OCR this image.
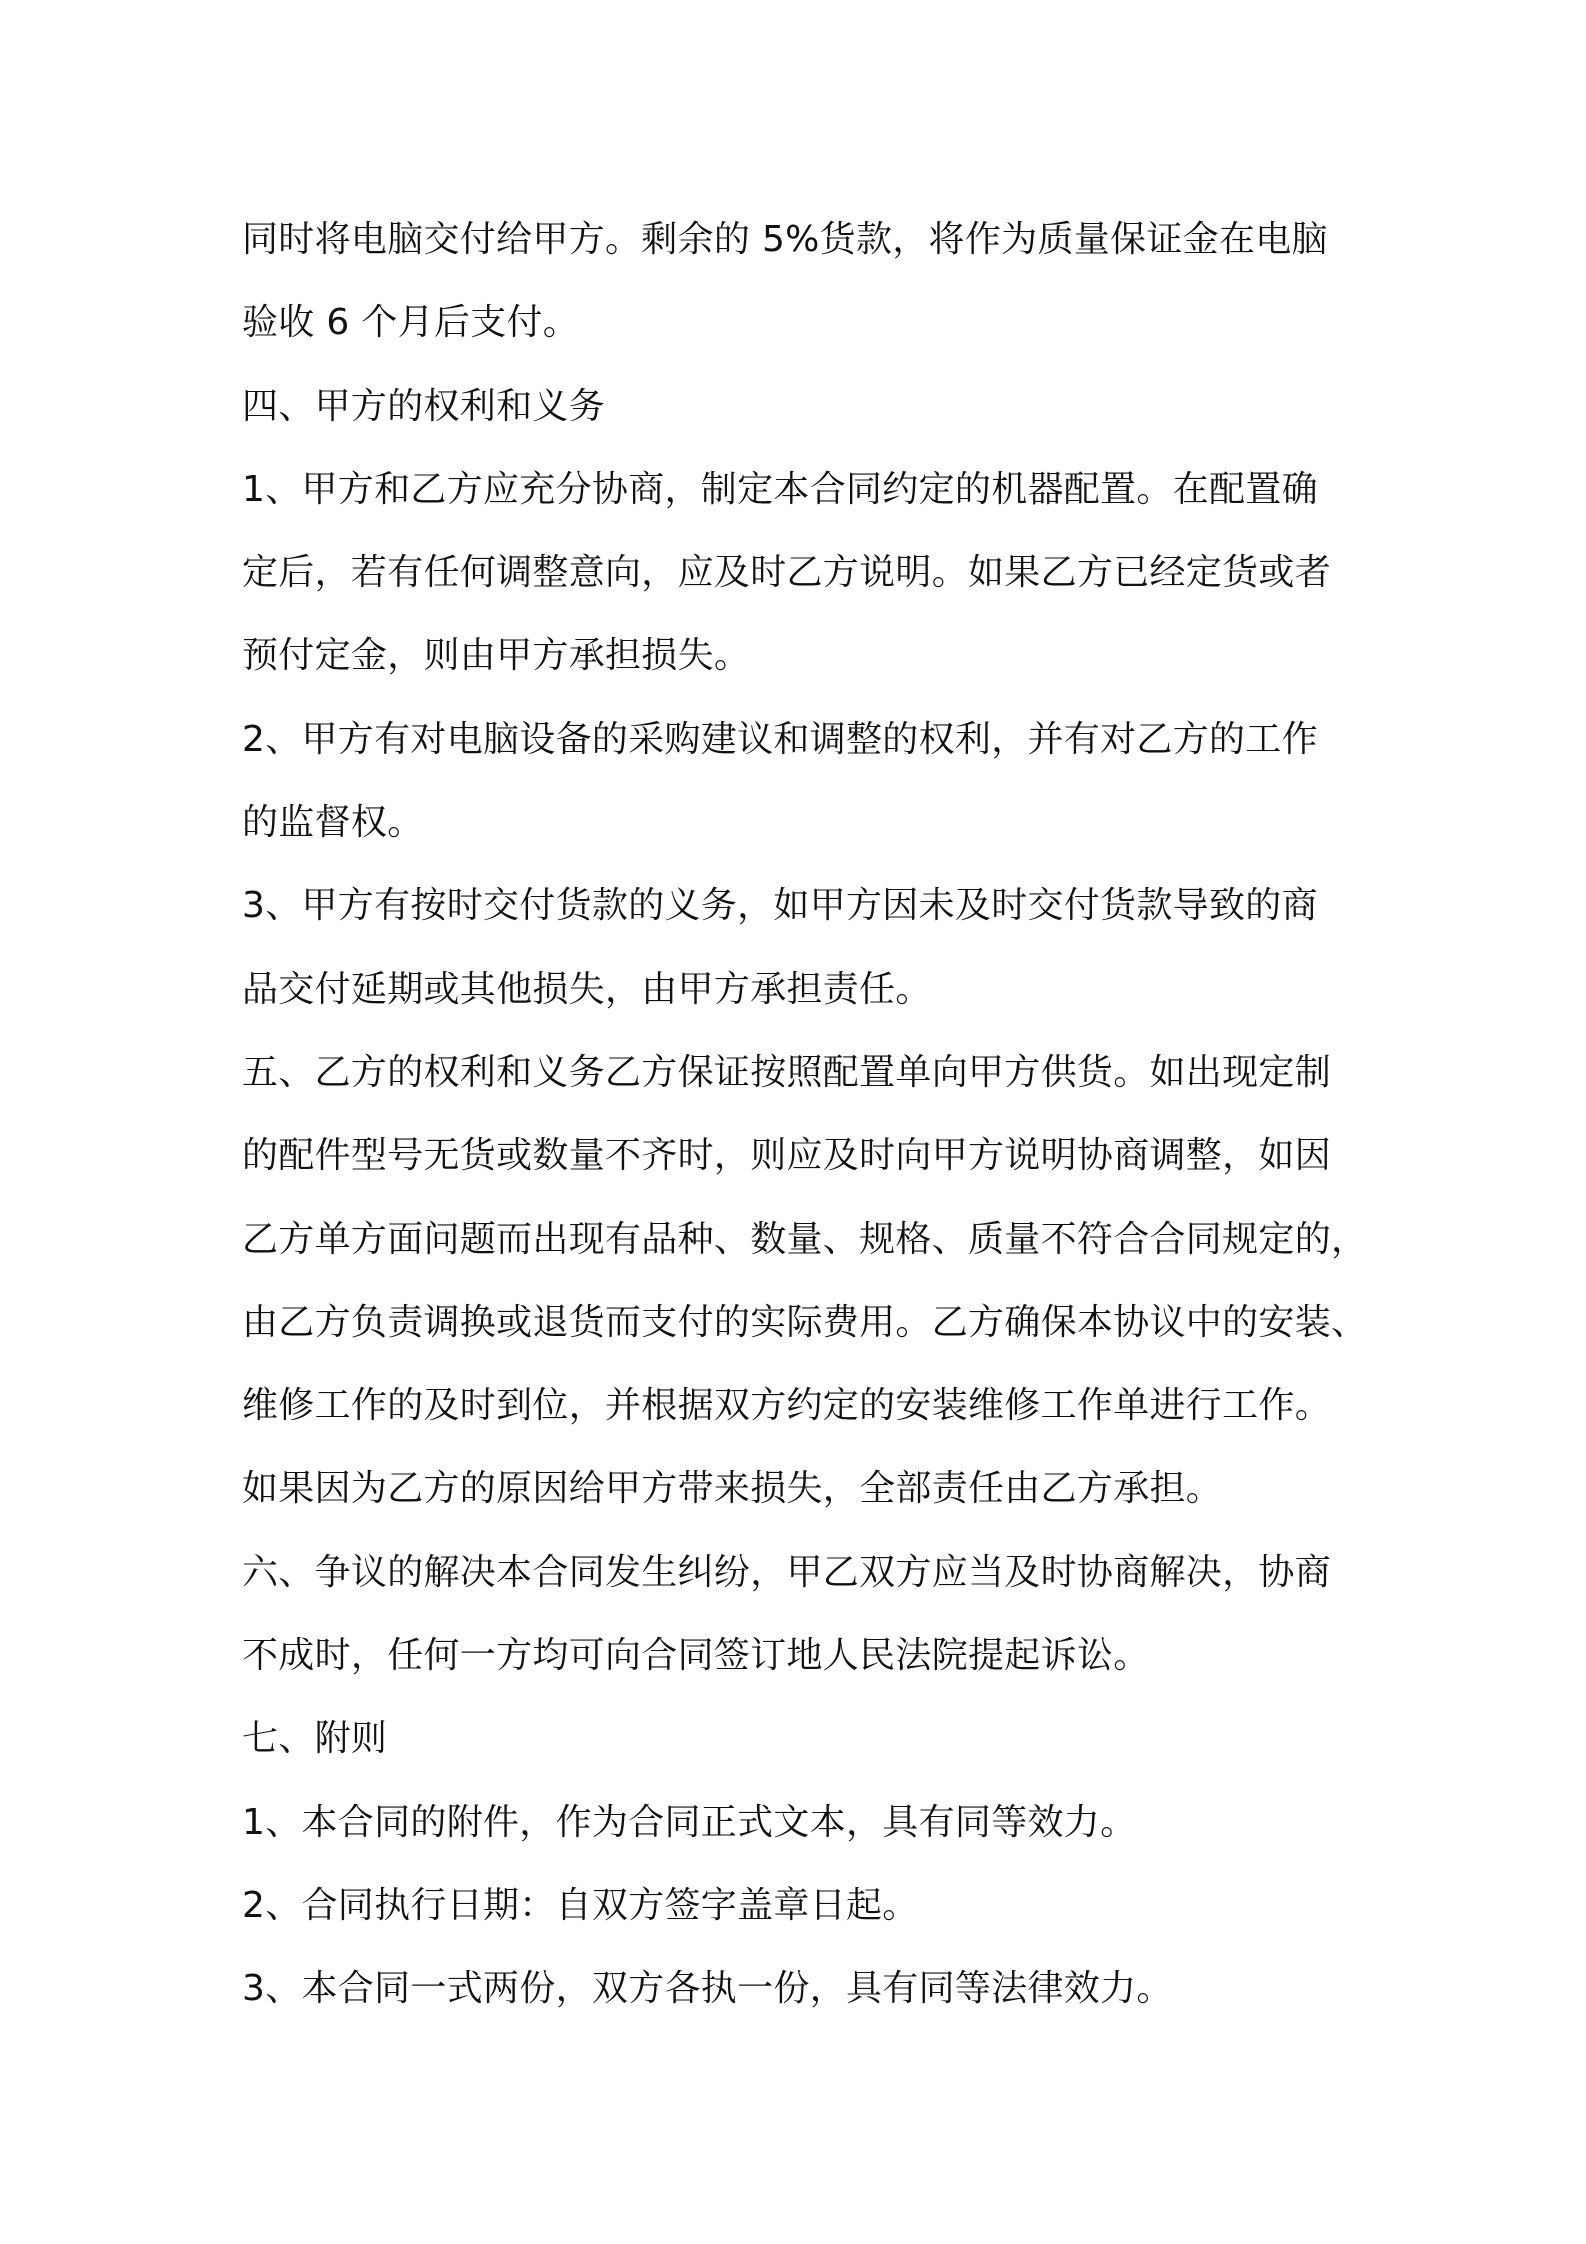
同时将电脑交付给甲方。剩余的 5%货款，将作为质量保证金在电脑
验收 6 个月后支付。
四、甲方的权利和义务
1、甲方和乙方应充分协商，制定本合同约定的机器配置。在配置确
定后，若有任何调整意向，应及时乙方说明。如果乙方已经定货或者
预付定金，则由甲方承担损失。
2、甲方有对电脑设备的采购建议和调整的权利，并有对乙方的工作
的监督权。
3、甲方有按时交付货款的义务，如甲方因未及时交付货款导致的商
品交付延期或其他损失，由甲方承担责任。
五、乙方的权利和义务乙方保证按照配置单向甲方供货。如出现定制
的配件型号无货或数量不齐时，则应及时向甲方说明协商调整，如因
乙方单方面问题而出现有品种、数量、规格、质量不符合合同规定的，
由乙方负责调换或退货而支付的实际费用。乙方确保本协议中的安装、
维修工作的及时到位，并根据双方约定的安装维修工作单进行工作。
如果因为乙方的原因给甲方带来损失，全部责任由乙方承担。
六、争议的解决本合同发生纠纷，甲乙双方应当及时协商解决，协商
不成时，任何一方均可向合同签订地人民法院提起诉讼。
七、附则
1、本合同的附件，作为合同正式文本，具有同等效力。
2、合同执行日期：自双方签字盖章日起。
3、本合同一式两份，双方各执一份，具有同等法律效力。
